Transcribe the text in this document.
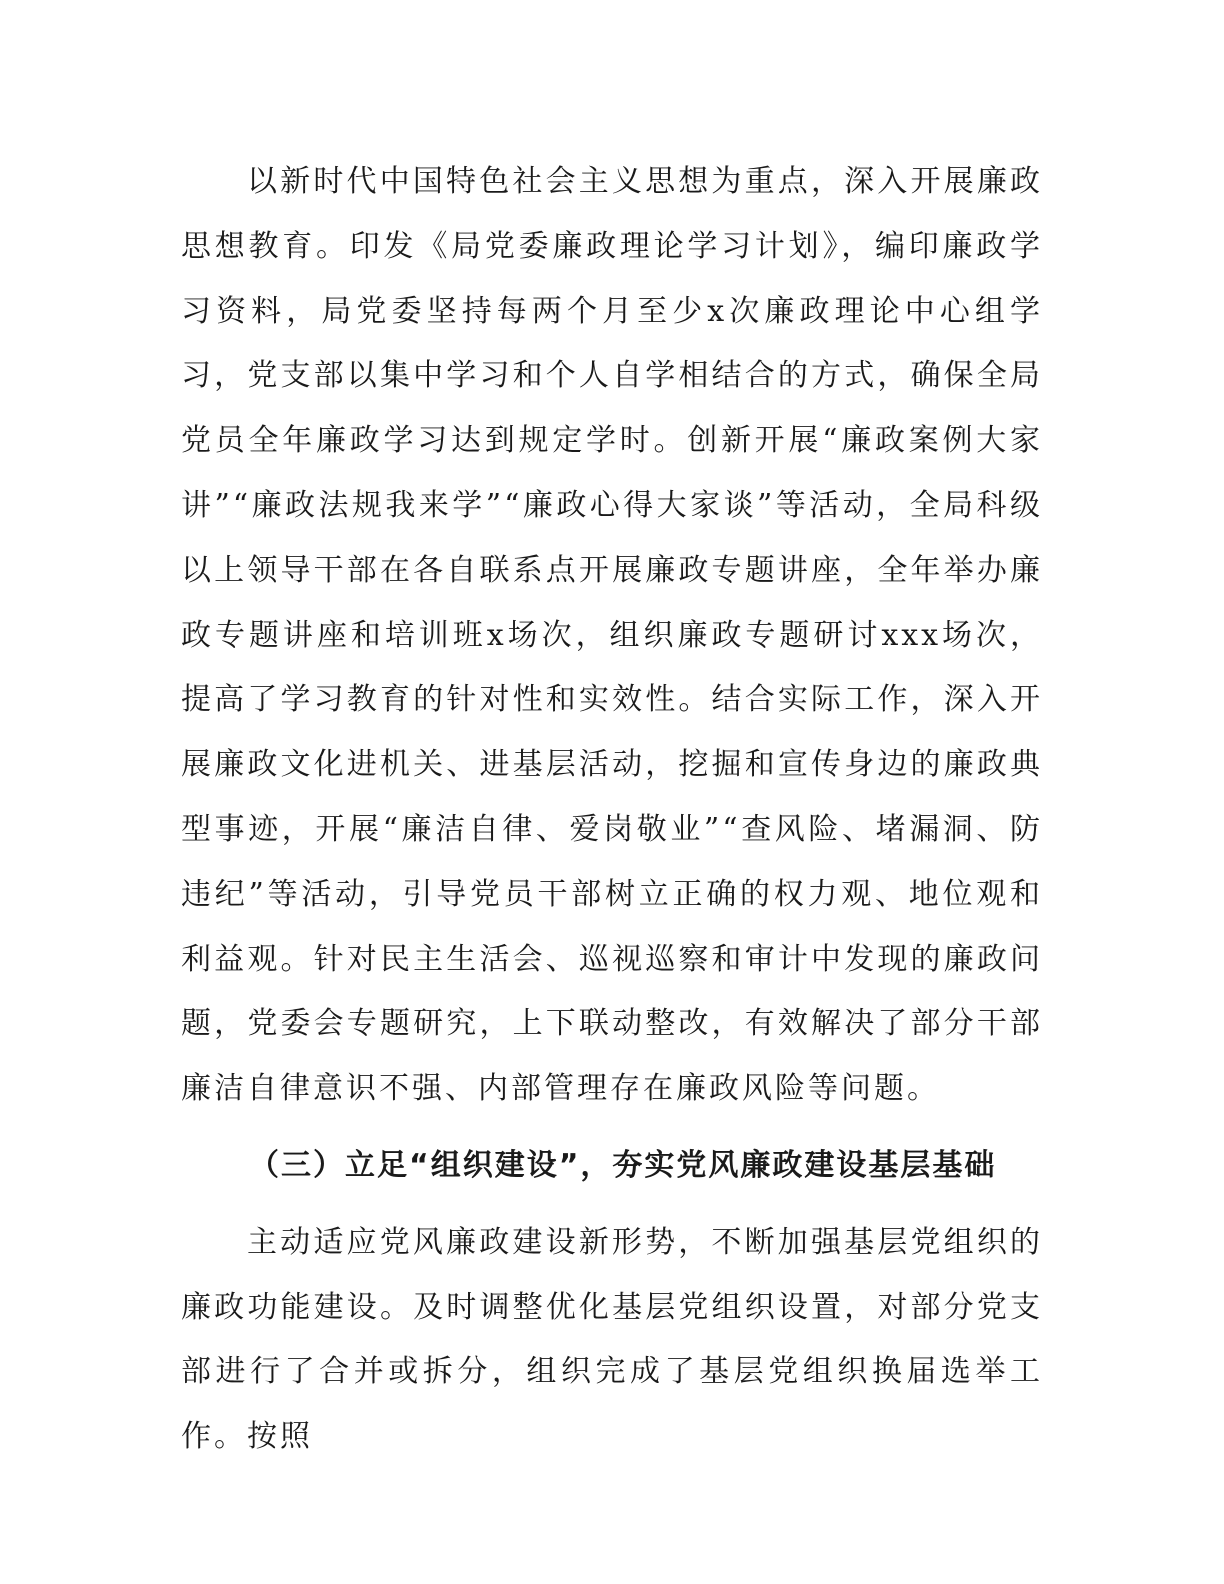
以新时代中国特色社会主义思想为重点，深入开展廉政思想教育。印发《局党委廉政理论学习计划》，编印廉政学习资料，局党委坚持每两个月至少x次廉政理论中心组学习，党支部以集中学习和个人自学相结合的方式，确保全局党员全年廉政学习达到规定学时。创新开展“廉政案例大家讲”“廉政法规我来学”“廉政心得大家谈”等活动，全局科级以上领导干部在各自联系点开展廉政专题讲座，全年举办廉政专题讲座和培训班x场次，组织廉政专题研讨xxx场次，提高了学习教育的针对性和实效性。结合实际工作，深入开展廉政文化进机关、进基层活动，挖掘和宣传身边的廉政典型事迹，开展“廉洁自律、爱岗敬业”“查风险、堵漏洞、防违纪”等活动，引导党员干部树立正确的权力观、地位观和利益观。针对民主生活会、巡视巡察和审计中发现的廉政问题，党委会专题研究，上下联动整改，有效解决了部分干部廉洁自律意识不强、内部管理存在廉政风险等问题。

（三）立足“组织建设”，夯实党风廉政建设基层基础

主动适应党风廉政建设新形势，不断加强基层党组织的廉政功能建设。及时调整优化基层党组织设置，对部分党支部进行了合并或拆分，组织完成了基层党组织换届选举工作。按照
